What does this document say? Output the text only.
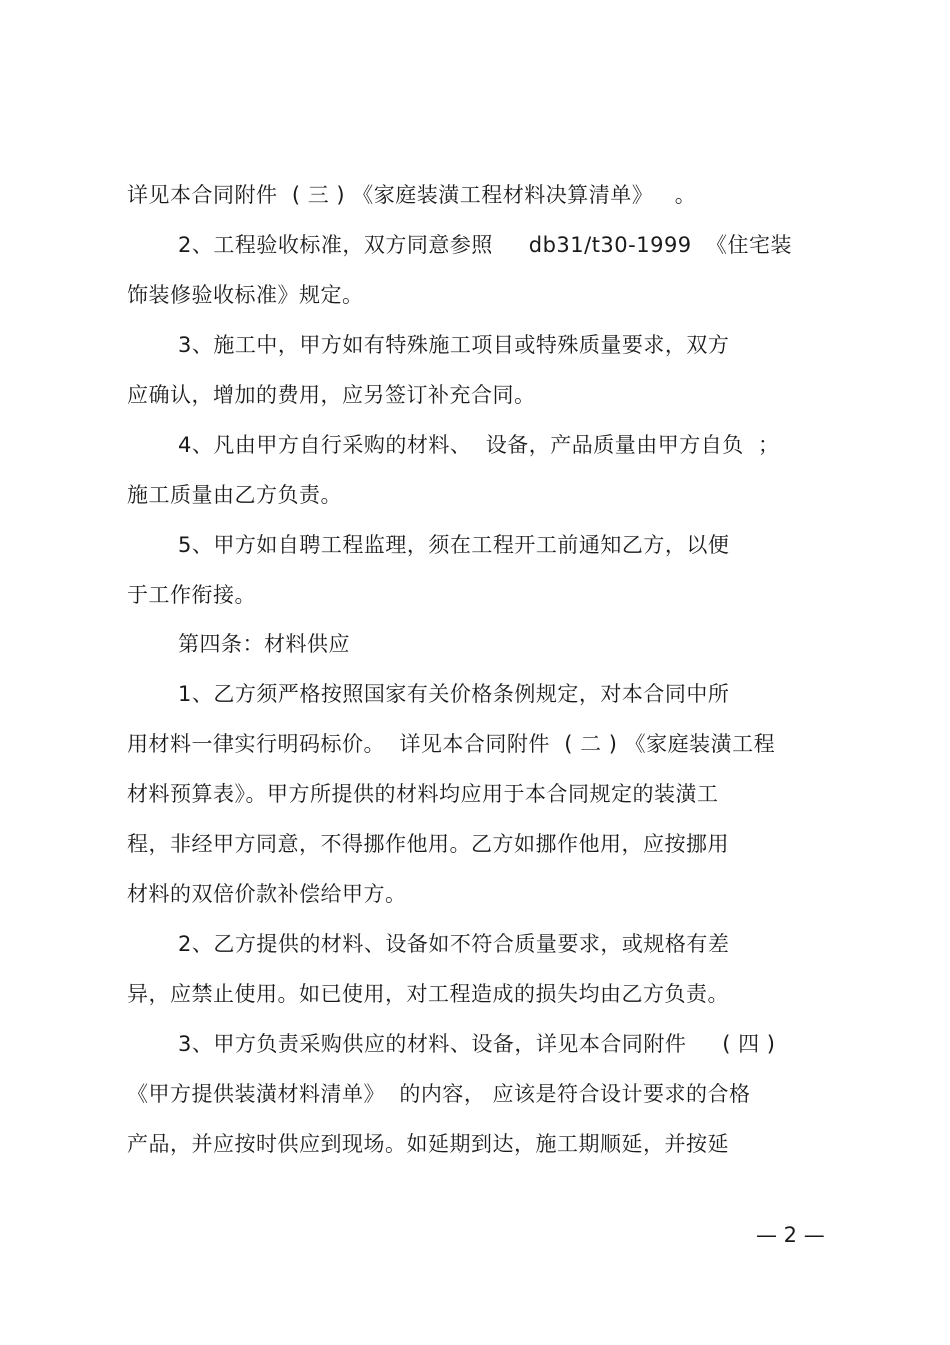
详见本合同附件  ( 三 ) 《家庭装潢工程材料决算清单》   。
2、工程验收标准，双方同意参照     db31/t30-1999  《住宅装
饰装修验收标准》规定。
3、施工中，甲方如有特殊施工项目或特殊质量要求，双方
应确认，增加的费用，应另签订补充合同。
4、凡由甲方自行采购的材料、  设备，产品质量由甲方自负  ；
施工质量由乙方负责。
5、甲方如自聘工程监理，须在工程开工前通知乙方，以便
于工作衔接。
第四条：材料供应
1、乙方须严格按照国家有关价格条例规定，对本合同中所
用材料一律实行明码标价。  详见本合同附件  ( 二 ) 《家庭装潢工程
材料预算表》。甲方所提供的材料均应用于本合同规定的装潢工
程，非经甲方同意，不得挪作他用。乙方如挪作他用，应按挪用
材料的双倍价款补偿给甲方。
2、乙方提供的材料、设备如不符合质量要求，或规格有差
异，应禁止使用。如已使用，对工程造成的损失均由乙方负责。
3、甲方负责采购供应的材料、设备，详见本合同附件     ( 四 )
《甲方提供装潢材料清单》  的内容， 应该是符合设计要求的合格
产品，并应按时供应到现场。如延期到达，施工期顺延，并按延
— 2 —
